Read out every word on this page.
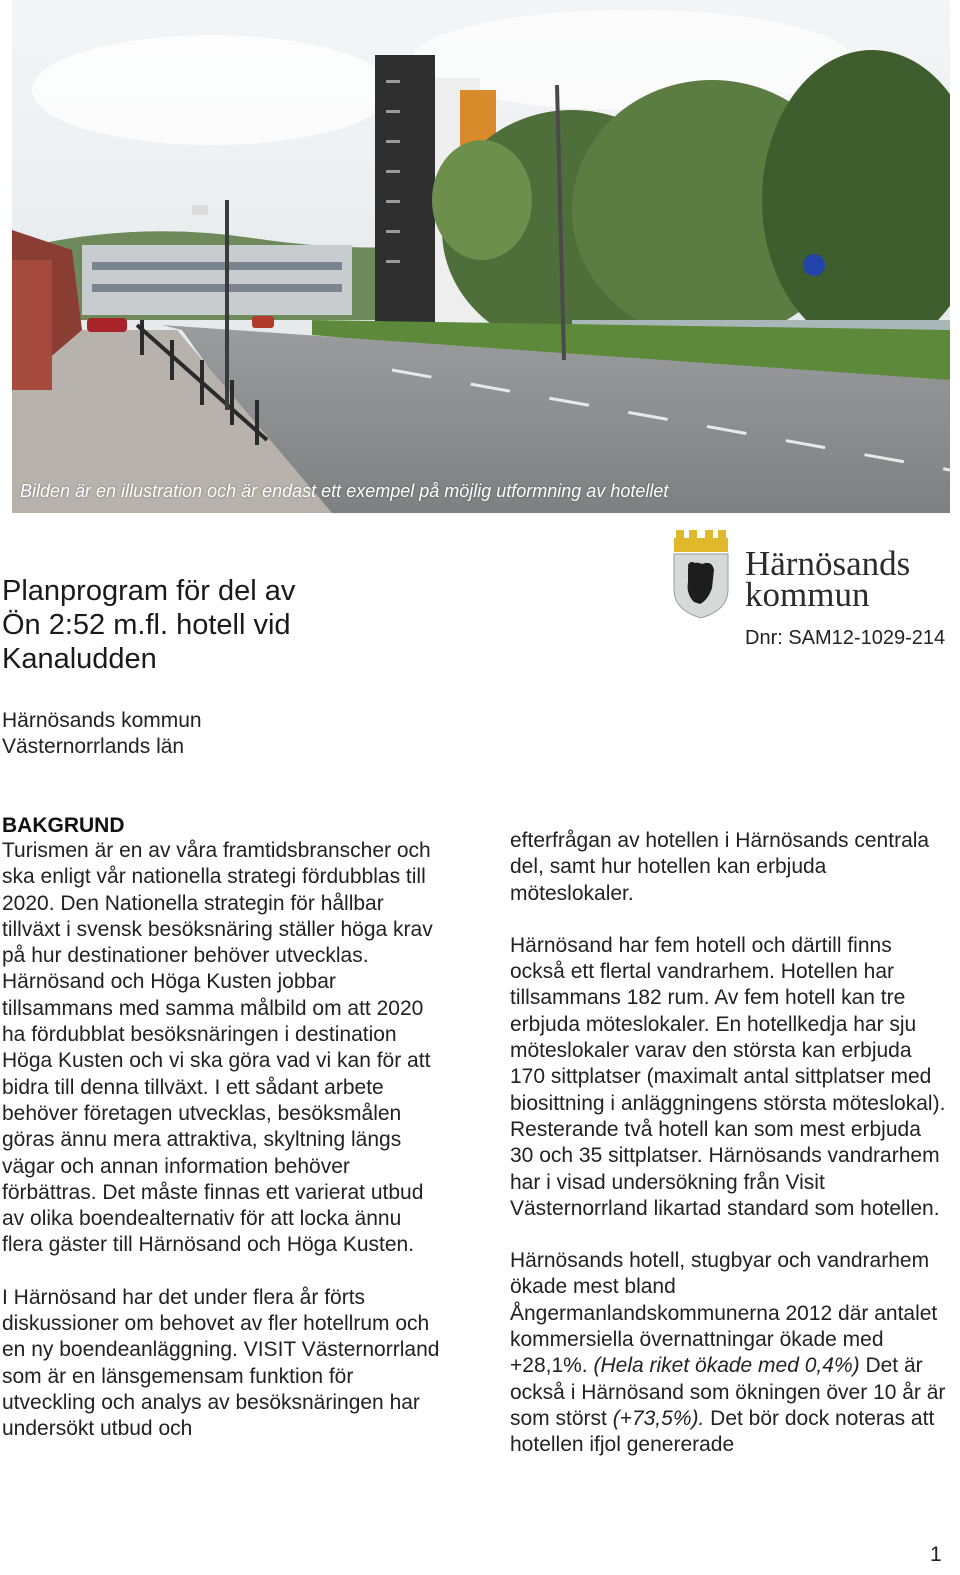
Bilden är en illustration och är endast ett exempel på möjlig utformning av hotellet
Planprogram för del av
Ön 2:52 m.fl. hotell vid
Kanaludden
Härnösands kommun
Västernorrlands län
Härnösands
kommun
Dnr: SAM12-1029-214
BAKGRUND

Turismen är en av våra framtidsbranscher och ska enligt vår nationella strategi fördubblas till 2020. Den Nationella strategin för hållbar tillväxt i svensk besöksnäring ställer höga krav på hur destinationer behöver utvecklas. Härnösand och Höga Kusten jobbar tillsammans med samma målbild om att 2020 ha fördubblat besöksnäringen i destination Höga Kusten och vi ska göra vad vi kan för att bidra till denna tillväxt. I ett sådant arbete behöver företagen utvecklas, besöksmålen göras ännu mera attraktiva, skyltning längs vägar och annan information behöver förbättras. Det måste finnas ett varierat utbud av olika boendealternativ för att locka ännu flera gäster till Härnösand och Höga Kusten.

I Härnösand har det under flera år förts diskussioner om behovet av fler hotellrum och en ny boendeanläggning. VISIT Västernorrland som är en länsgemensam funktion för utveckling och analys av besöksnäringen har undersökt utbud och

efterfrågan av hotellen i Härnösands centrala del, samt hur hotellen kan erbjuda möteslokaler.

Härnösand har fem hotell och därtill finns också ett flertal vandrarhem. Hotellen har tillsammans 182 rum. Av fem hotell kan tre erbjuda möteslokaler. En hotellkedja har sju möteslokaler varav den största kan erbjuda 170 sittplatser (maximalt antal sittplatser med biosittning i anläggningens största möteslokal). Resterande två hotell kan som mest erbjuda 30 och 35 sittplatser. Härnösands vandrarhem har i visad undersökning från Visit Västernorrland likartad standard som hotellen.

Härnösands hotell, stugbyar och vandrarhem ökade mest bland Ångermanlandskommunerna 2012 där antalet kommersiella övernattningar ökade med +28,1%. (Hela riket ökade med 0,4%) Det är också i Härnösand som ökningen över 10 år är som störst (+73,5%). Det bör dock noteras att hotellen ifjol genererade

1
